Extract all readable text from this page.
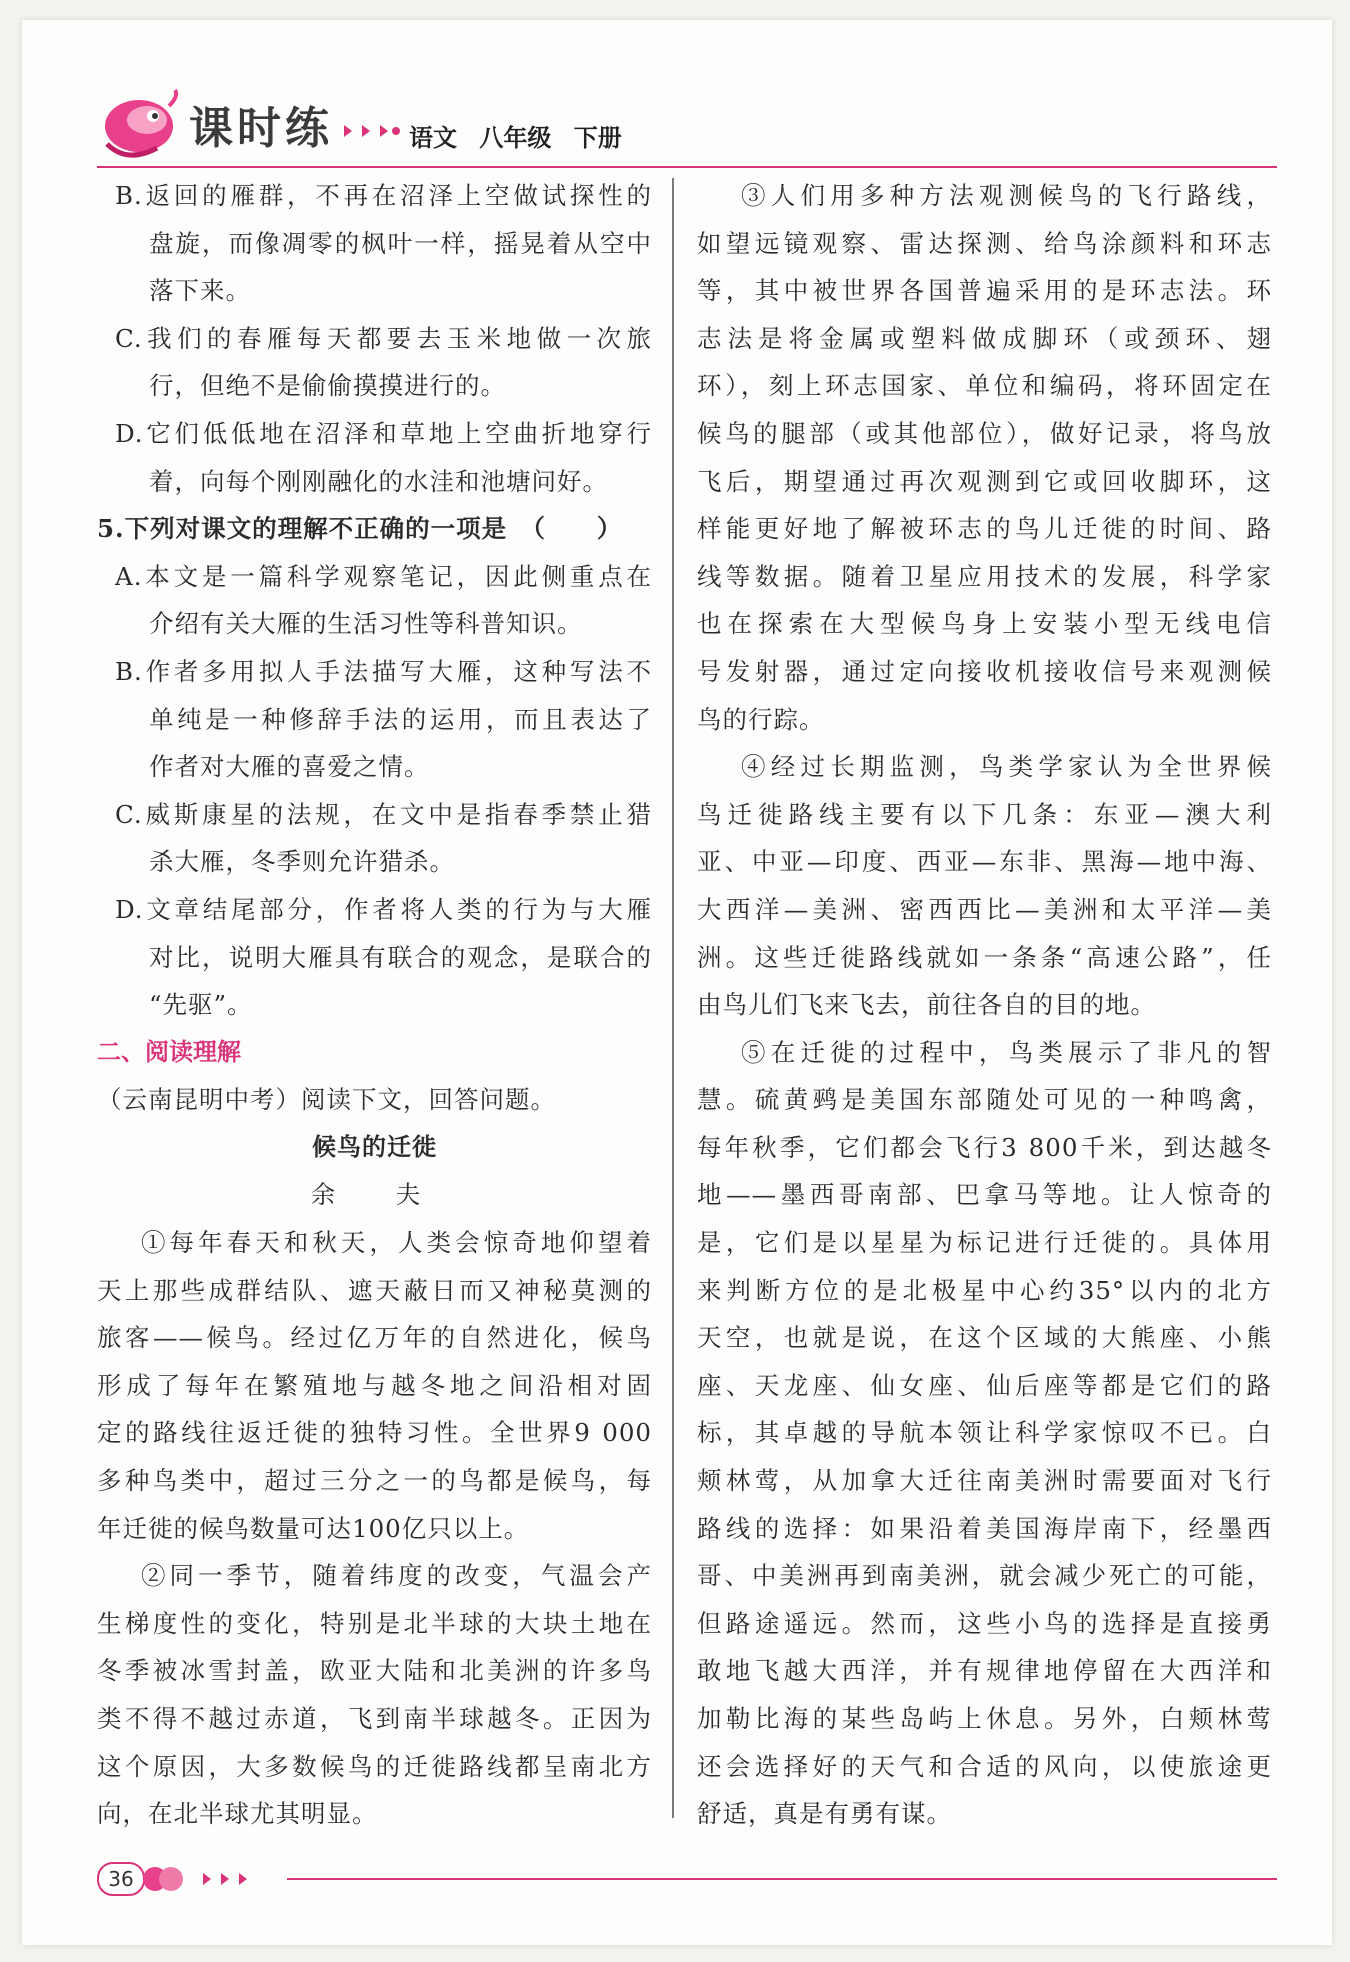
课时练	语文 八年级 下册
B.返回的雁群，不再在沼泽上空做试探性的
盘旋，而像凋零的枫叶一样，摇晃着从空中
落下来。
C.我们的春雁每天都要去玉米地做一次旅
行，但绝不是偷偷摸摸进行的。
D.它们低低地在沼泽和草地上空曲折地穿行
着，向每个刚刚融化的水洼和池塘问好。
5.下列对课文的理解不正确的一项是　（　　）
A.本文是一篇科学观察笔记，因此侧重点在
介绍有关大雁的生活习性等科普知识。
B.作者多用拟人手法描写大雁，这种写法不
单纯是一种修辞手法的运用，而且表达了
作者对大雁的喜爱之情。
C.威斯康星的法规，在文中是指春季禁止猎
杀大雁，冬季则允许猎杀。
D.文章结尾部分，作者将人类的行为与大雁
对比，说明大雁具有联合的观念，是联合的
“先驱”。
二、阅读理解
（云南昆明中考）阅读下文，回答问题。
候鸟的迁徙
余　夫
①每年春天和秋天，人类会惊奇地仰望着
天上那些成群结队、遮天蔽日而又神秘莫测的
旅客——候鸟。经过亿万年的自然进化，候鸟
形成了每年在繁殖地与越冬地之间沿相对固
定的路线往返迁徙的独特习性。全世界9 000
多种鸟类中，超过三分之一的鸟都是候鸟，每
年迁徙的候鸟数量可达100亿只以上。
②同一季节，随着纬度的改变，气温会产
生梯度性的变化，特别是北半球的大块土地在
冬季被冰雪封盖，欧亚大陆和北美洲的许多鸟
类不得不越过赤道，飞到南半球越冬。正因为
这个原因，大多数候鸟的迁徙路线都呈南北方
向，在北半球尤其明显。
③人们用多种方法观测候鸟的飞行路线，
如望远镜观察、雷达探测、给鸟涂颜料和环志
等，其中被世界各国普遍采用的是环志法。环
志法是将金属或塑料做成脚环（或颈环、翅
环），刻上环志国家、单位和编码，将环固定在
候鸟的腿部（或其他部位），做好记录，将鸟放
飞后，期望通过再次观测到它或回收脚环，这
样能更好地了解被环志的鸟儿迁徙的时间、路
线等数据。随着卫星应用技术的发展，科学家
也在探索在大型候鸟身上安装小型无线电信
号发射器，通过定向接收机接收信号来观测候
鸟的行踪。
④经过长期监测，鸟类学家认为全世界候
鸟迁徙路线主要有以下几条：东亚—澳大利
亚、中亚—印度、西亚—东非、黑海—地中海、
大西洋—美洲、密西西比—美洲和太平洋—美
洲。这些迁徙路线就如一条条“高速公路”，任
由鸟儿们飞来飞去，前往各自的目的地。
⑤在迁徙的过程中，鸟类展示了非凡的智
慧。硫黄鹀是美国东部随处可见的一种鸣禽，
每年秋季，它们都会飞行3 800千米，到达越冬
地——墨西哥南部、巴拿马等地。让人惊奇的
是，它们是以星星为标记进行迁徙的。具体用
来判断方位的是北极星中心约35°以内的北方
天空，也就是说，在这个区域的大熊座、小熊
座、天龙座、仙女座、仙后座等都是它们的路
标，其卓越的导航本领让科学家惊叹不已。白
颊林莺，从加拿大迁往南美洲时需要面对飞行
路线的选择：如果沿着美国海岸南下，经墨西
哥、中美洲再到南美洲，就会减少死亡的可能，
但路途遥远。然而，这些小鸟的选择是直接勇
敢地飞越大西洋，并有规律地停留在大西洋和
加勒比海的某些岛屿上休息。另外，白颊林莺
还会选择好的天气和合适的风向，以使旅途更
舒适，真是有勇有谋。
36
